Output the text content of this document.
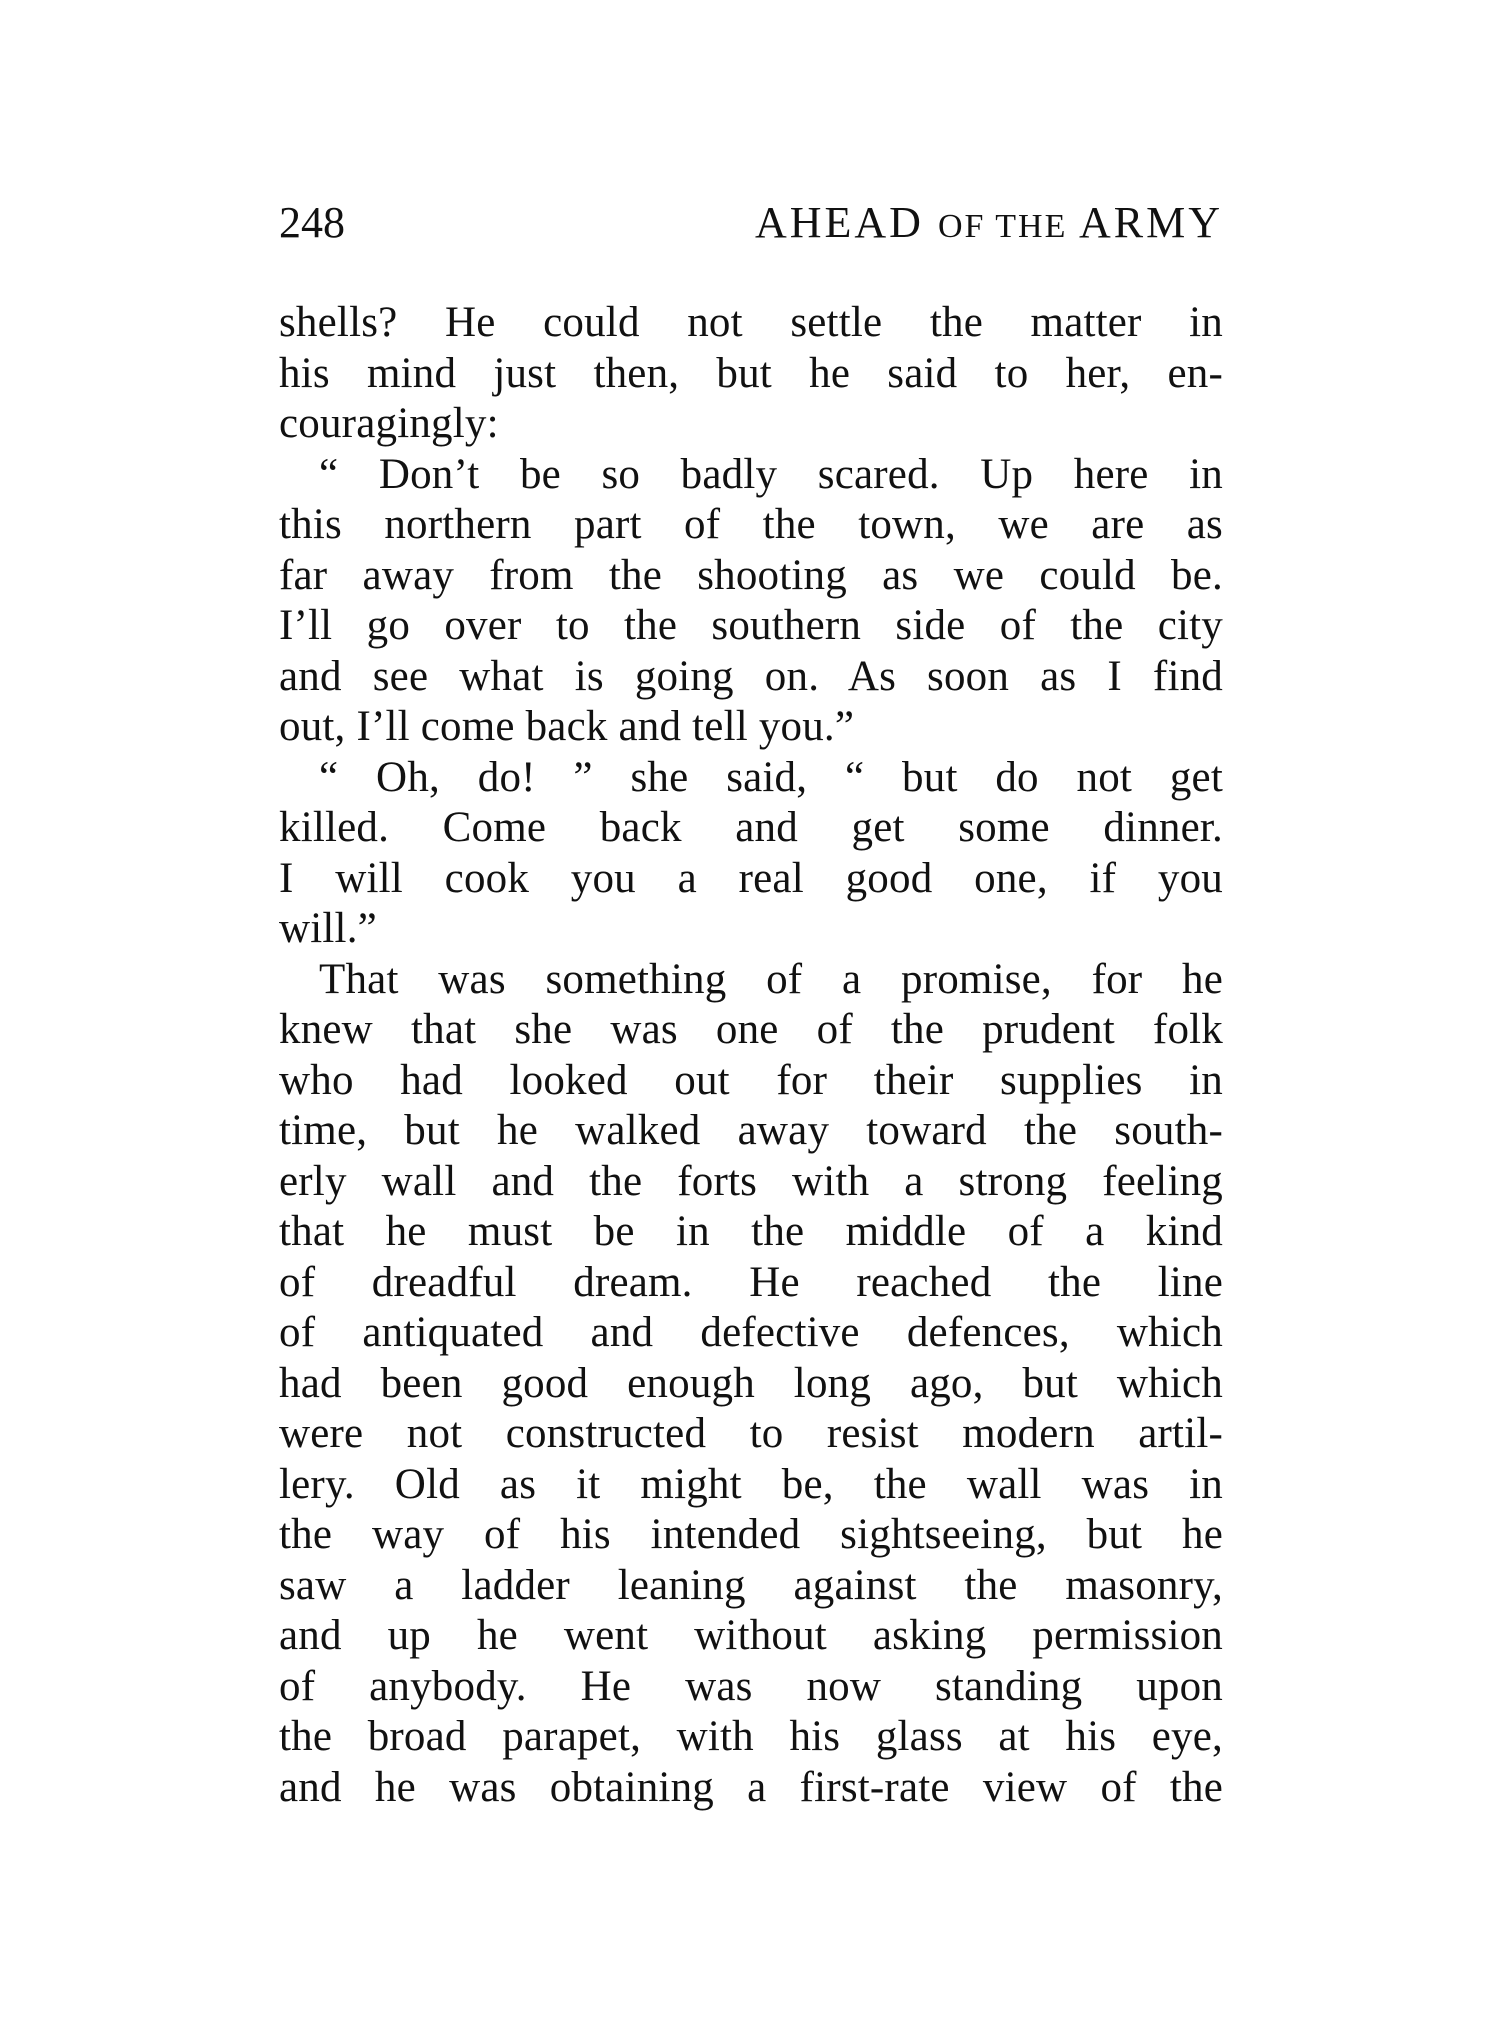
248	AHEAD OF THE ARMY
shells? He could not settle the matter in
his mind just then, but he said to her, en-
couragingly:
“ Don’t be so badly scared. Up here in
this northern part of the town, we are as
far away from the shooting as we could be.
I’ll go over to the southern side of the city
and see what is going on. As soon as I find
out, I’ll come back and tell you.”
“ Oh, do! ” she said, “ but do not get
killed. Come back and get some dinner.
I will cook you a real good one, if you
will.”
That was something of a promise, for he
knew that she was one of the prudent folk
who had looked out for their supplies in
time, but he walked away toward the south-
erly wall and the forts with a strong feeling
that he must be in the middle of a kind
of dreadful dream. He reached the line
of antiquated and defective defences, which
had been good enough long ago, but which
were not constructed to resist modern artil-
lery. Old as it might be, the wall was in
the way of his intended sightseeing, but he
saw a ladder leaning against the masonry,
and up he went without asking permission
of anybody. He was now standing upon
the broad parapet, with his glass at his eye,
and he was obtaining a first-rate view of the
